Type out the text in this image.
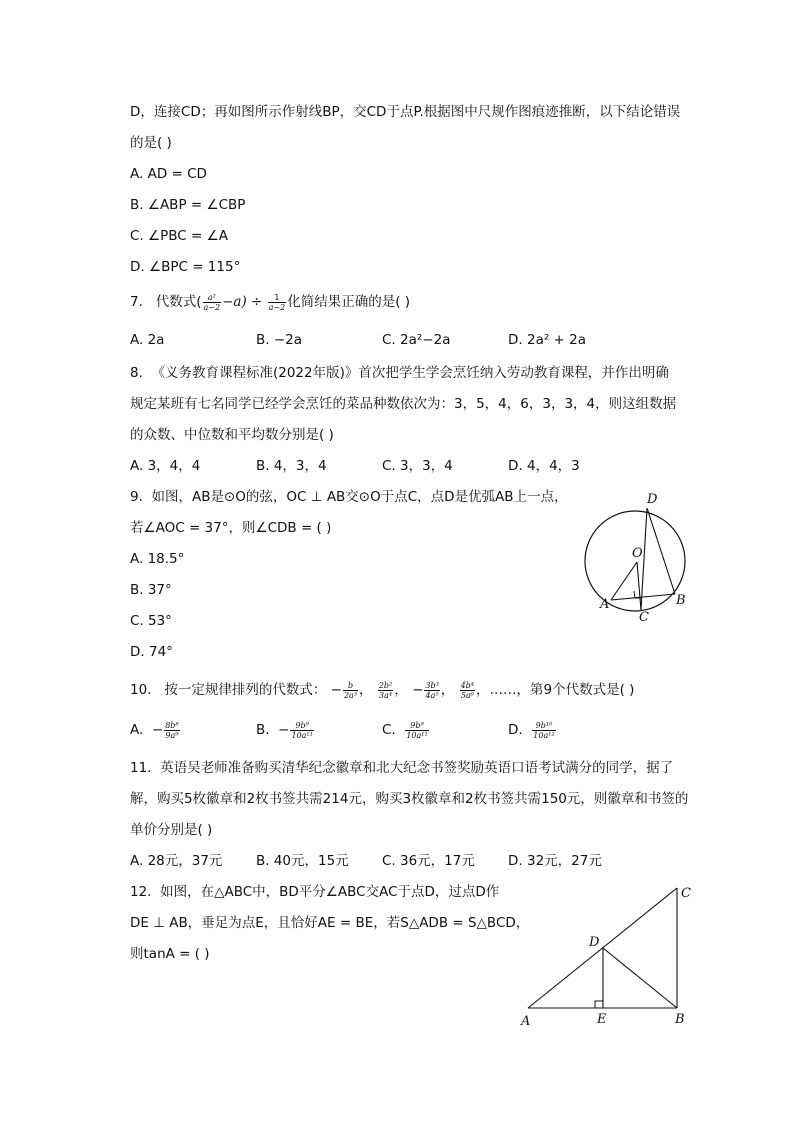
D，连接CD；再如图所示作射线BP，交CD于点P.根据图中尺规作图痕迹推断，以下结论错误
的是( )
A. AD = CD
B. ∠ABP = ∠CBP
C. ∠PBC = ∠A
D. ∠BPC = 115°
7. 代数式( $\frac{\text{a²}}{a-2} -a) \div \frac{1}{a-2}$ 化简结果正确的是( )
A. 2a	B. −2a	C. 2a²−2a	D. 2a² + 2a
8. 《义务教育课程标准(2022年版)》首次把学生学会烹饪纳入劳动教育课程，并作出明确
规定某班有七名同学已经学会烹饪的菜品种数依次为：3，5，4，6，3，3，4，则这组数据
的众数、中位数和平均数分别是( )
A. 3，4，4	B. 4，3，4	C. 3，3，4	D. 4，4，3
9. 如图，AB是⊙O的弦，OC ⊥ AB交⊙O于点C，点D是优弧AB上一点，
若∠AOC = 37°，则∠CDB = ( )
A. 18.5°
B. 37°
C. 53°
D. 74°
D
O
A	B
C
10. 按一定规律排列的代数式： − $\frac{b}{\text{2a³}}$ ， $\frac{\text{2b²}}{\text{3a⁴}}$ ， − $\frac{\text{3b³}}{\text{4a⁵}}$ ， $\frac{\text{4b⁴}}{\text{5a⁶}}$ ，……，第9个代数式是( )
A. − $\frac{\text{8b⁸}}{\text{9a⁹}}$	B. − $\frac{\text{9b⁹}}{\text{10a¹¹}}$	C. $\frac{\text{9b⁹}}{\text{10a¹¹}}$	D. $\frac{\text{9b¹⁰}}{\text{10a¹²}}$
11. 英语吴老师准备购买清华纪念徽章和北大纪念书签奖励英语口语考试满分的同学，据了
解，购买5枚徽章和2枚书签共需214元，购买3枚徽章和2枚书签共需150元，则徽章和书签的
单价分别是( )
A. 28元，37元 B. 40元，15元 C. 36元，17元 D. 32元，27元
12. 如图，在△ABC中，BD平分∠ABC交AC于点D，过点D作
DE ⊥ AB，垂足为点E，且恰好AE = BE，若S△ADB = S△BCD，
则tanA = ( )
C
D
A	E	B
